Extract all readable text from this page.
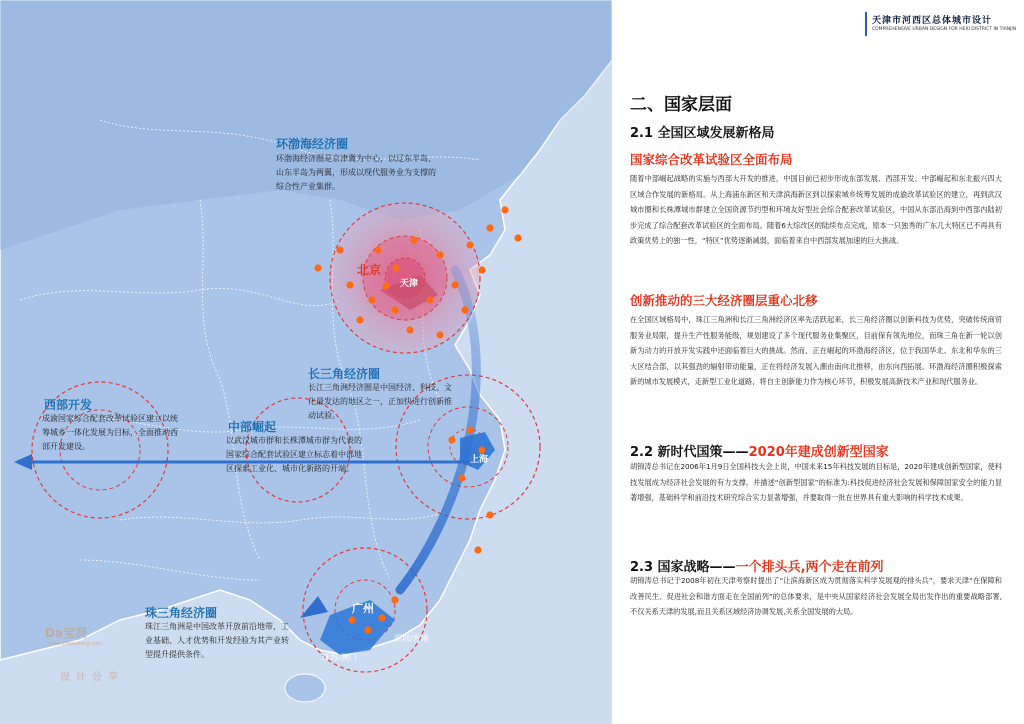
环渤海经济圈
环渤海经济圈是京津冀为中心，以辽东半岛、山东半岛为两翼，形成以现代服务业为支撑的综合性产业集群。
长三角经济圈
长江三角洲经济圈是中国经济、科技、文化最发达的地区之一，正加快进行创新推动试验。
西部开发
成渝国家综合配套改革试验区建立以统筹城乡一体化发展为目标，全面推动西部开发建设。
中部崛起
以武汉城市群和长株潭城市群为代表的国家综合配套试验区建立标志着中部地区探索工业化、城市化新路的开端。
珠三角经济圈
珠江三角洲是中国改革开放前沿地带，工业基础、人才优势和开发经验为其产业转型提升提供条件。
北京
天津
上海
广州
深圳/香港
珠海/澳门
Da宝洞
www.d8baodong.com
设计分享
天津市河西区总体城市设计
COMPREHENSIVE URBAN DESIGN FOR HEXI DISTRICT IN TIANJIN
二、国家层面
2.1 全国区域发展新格局
国家综合改革试验区全面布局
随着中部崛起战略的实施与西部大开发的推进，中国目前已初步形成东部发展、西部开发、中部崛起和东北振兴四大区域合作发展的新格局。从上海浦东新区和天津滨海新区到以探索城乡统筹发展的成渝改革试验区的建立，再到武汉城市圈和长株潭城市群建立全国资源节约型和环境友好型社会综合配套改革试验区，中国从东部沿海到中西部内陆初步完成了综合配套改革试验区的全面布局。随着6大综改区的陆续布点完成，原本一只独秀的广东几大特区已不再具有政策优势上的独一性，“特区”优势逐渐减弱，面临着来自中西部发展加速的巨大挑战。
创新推动的三大经济圈层重心北移
在全国区域格局中，珠江三角洲和长江三角洲经济区率先活跃起来，长三角经济圈以创新科技为优势，突破传统商贸服务业局限，提升生产性服务能级，规划建设了多个现代服务业集聚区，目前保有领先地位，而珠三角在新一轮以创新为动力的开放开发实践中还面临着巨大的挑战。然而，正在崛起的环渤海经济区，位于我国华北、东北和华东的三大区结合部，以其强劲的辐射带动能量，正在将经济发展入潮由南向北推移，由东向西拓展。环渤海经济圈积极探索新的城市发展模式，走新型工业化道路，将自主创新能力作为核心环节，积极发展高新技术产业和现代服务业。
2.2 新时代国策——2020年建成创新型国家
胡锦涛总书记在2006年1月9日全国科技大会上说，中国未来15年科技发展的目标是，2020年建成创新型国家，使科技发展成为经济社会发展的有力支撑。并描述“创新型国家”的标准为:科技促进经济社会发展和保障国家安全的能力显著增强，基础科学和前沿技术研究综合实力显著增强，并要取得一批在世界具有重大影响的科学技术成果。
2.3 国家战略——一个排头兵,两个走在前列
胡锦涛总书记于2008年初在天津考察时提出了“让滨海新区成为贯彻落实科学发展观的排头兵”，要求天津“在保障和改善民生、促进社会和谐方面走在全国前列”的总体要求，是中央从国家经济社会发展全局出发作出的重要战略部署,不仅关系天津的发展,而且关系区域经济协调发展,关系全国发展的大局。
